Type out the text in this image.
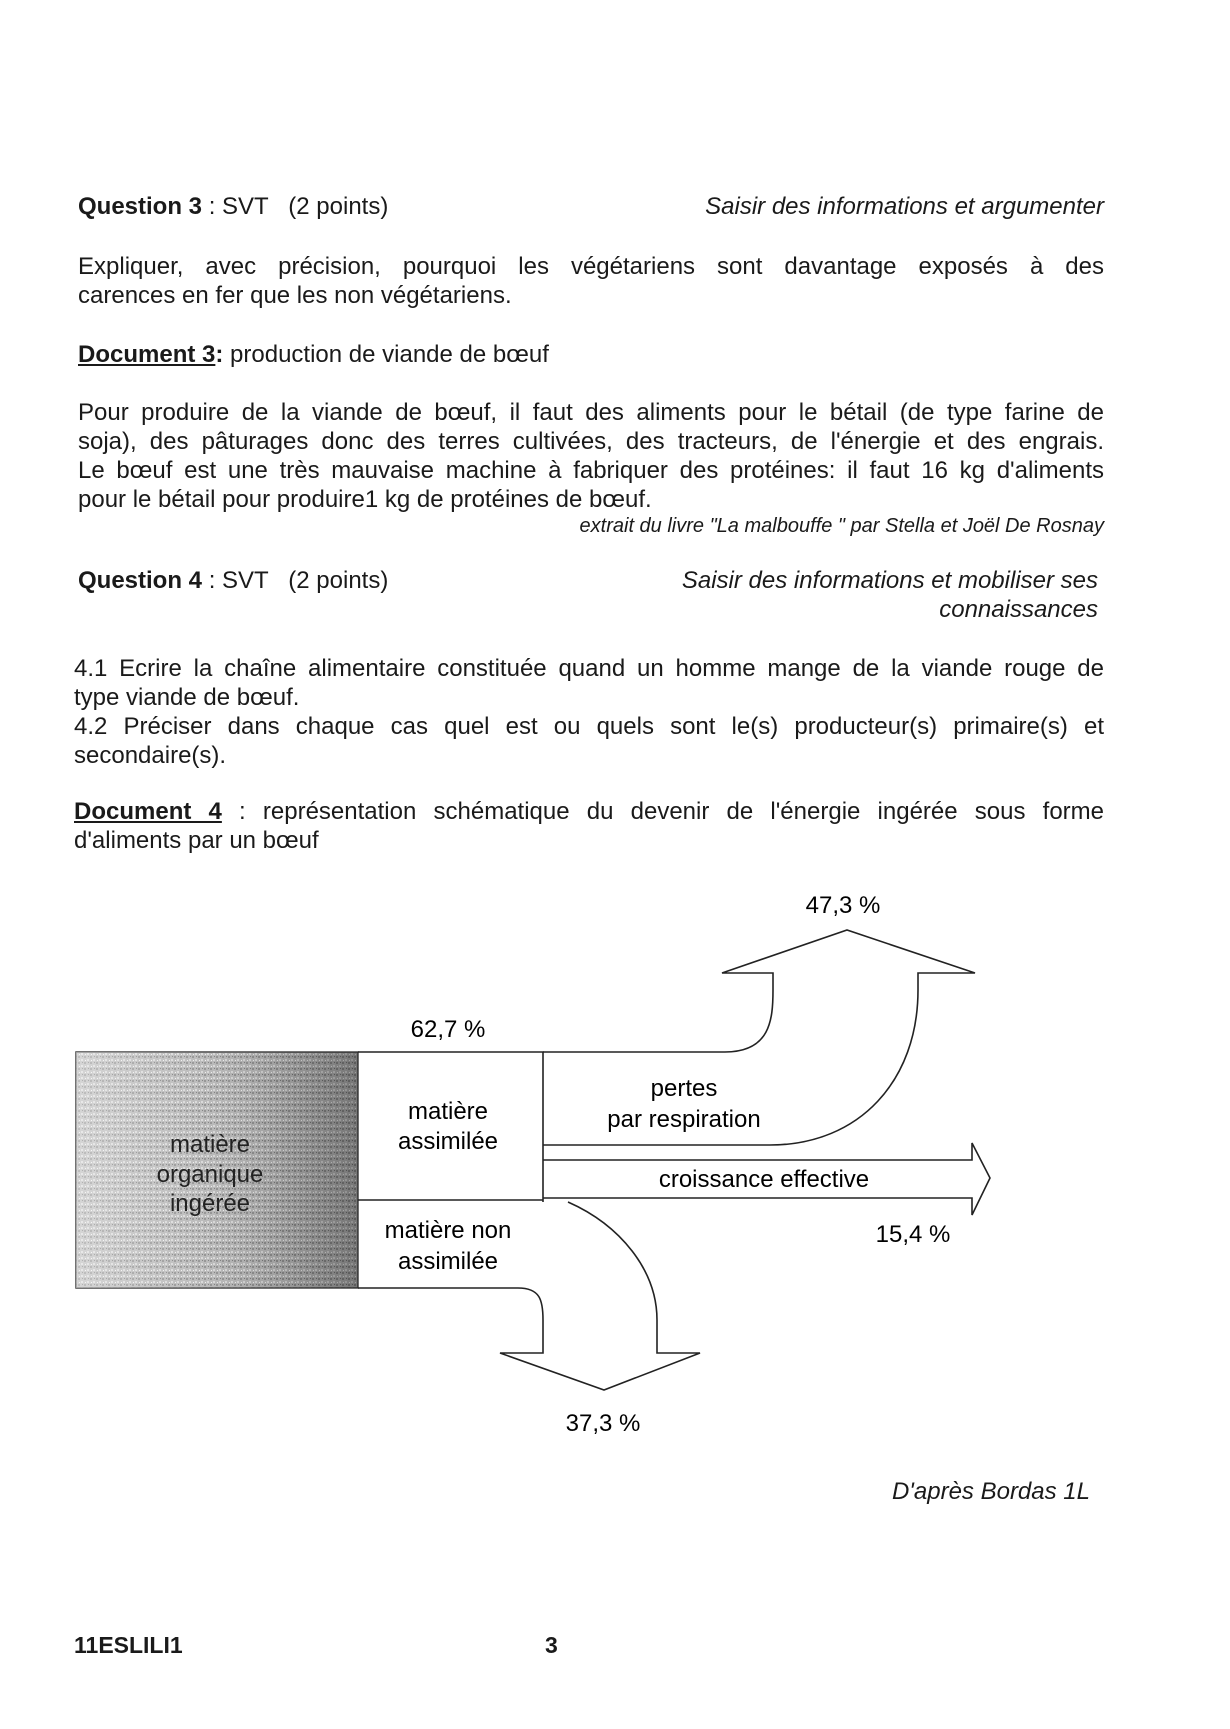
Question 3 : SVT   (2 points)	Saisir des informations et argumenter
Expliquer, avec précision, pourquoi les végétariens sont davantage exposés à des
carences en fer que les non végétariens.
Document 3: production de viande de bœuf
Pour produire de la viande de bœuf, il faut des aliments pour le bétail (de type farine de
soja), des pâturages donc des terres cultivées, des tracteurs, de l'énergie et des engrais.
Le bœuf est une très mauvaise machine à fabriquer des protéines: il faut 16 kg d'aliments
pour le bétail pour produire1 kg de protéines de bœuf.
extrait du livre "La malbouffe " par Stella et Joël De Rosnay
Question 4 : SVT   (2 points)	Saisir des informations et mobiliser ses
connaissances
4.1 Ecrire la chaîne alimentaire constituée quand un homme mange de la viande rouge de
type viande de bœuf.
4.2 Préciser dans chaque cas quel est ou quels sont le(s) producteur(s) primaire(s) et
secondaire(s).
Document 4 : représentation schématique du devenir de l'énergie ingérée sous forme
d'aliments par un bœuf
matière
organique
ingérée
matière
assimilée
matière non
assimilée
pertes
par respiration
croissance effective
62,7 %
47,3 %
15,4 %
37,3 %
D'après Bordas 1L
11ESLILI1	3
